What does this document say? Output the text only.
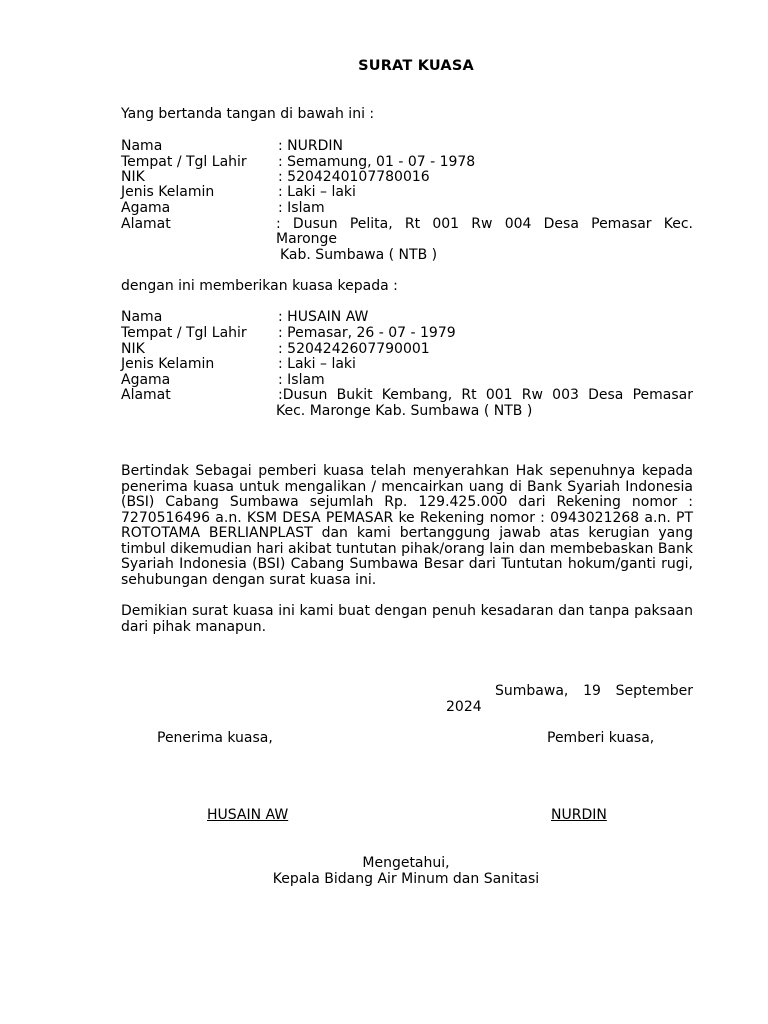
SURAT KUASA
Yang bertanda tangan di bawah ini :
Nama	: NURDIN
Tempat / Tgl Lahir : Semamung, 01 - 07 - 1978
NIK	: 5204240107780016
Jenis Kelamin	: Laki – laki
Agama	: Islam
Alamat	: Dusun Pelita, Rt 001 Rw 004 Desa Pemasar Kec.
Maronge
Kab. Sumbawa ( NTB )
dengan ini memberikan kuasa kepada :
Nama	: HUSAIN AW
Tempat / Tgl Lahir : Pemasar, 26 - 07 - 1979
NIK	: 5204242607790001
Jenis Kelamin	: Laki – laki
Agama	: Islam
Alamat	:Dusun Bukit Kembang, Rt 001 Rw 003 Desa Pemasar
Kec. Maronge Kab. Sumbawa ( NTB )
Bertindak Sebagai pemberi kuasa telah menyerahkan Hak sepenuhnya kepada penerima kuasa untuk mengalikan / mencairkan uang di Bank Syariah Indonesia (BSI) Cabang Sumbawa sejumlah Rp. 129.425.000 dari Rekening nomor : 7270516496 a.n. KSM DESA PEMASAR ke Rekening nomor : 0943021268 a.n. PT ROTOTAMA BERLIANPLAST dan kami bertanggung jawab atas kerugian yang timbul dikemudian hari akibat tuntutan pihak/orang lain dan membebaskan Bank Syariah Indonesia (BSI) Cabang Sumbawa Besar dari Tuntutan hokum/ganti rugi, sehubungan dengan surat kuasa ini.
Demikian surat kuasa ini kami buat dengan penuh kesadaran dan tanpa paksaan dari pihak manapun.
Sumbawa, 19 September
2024
Penerima kuasa,	Pemberi kuasa,
HUSAIN AW	NURDIN
Mengetahui,
Kepala Bidang Air Minum dan Sanitasi
